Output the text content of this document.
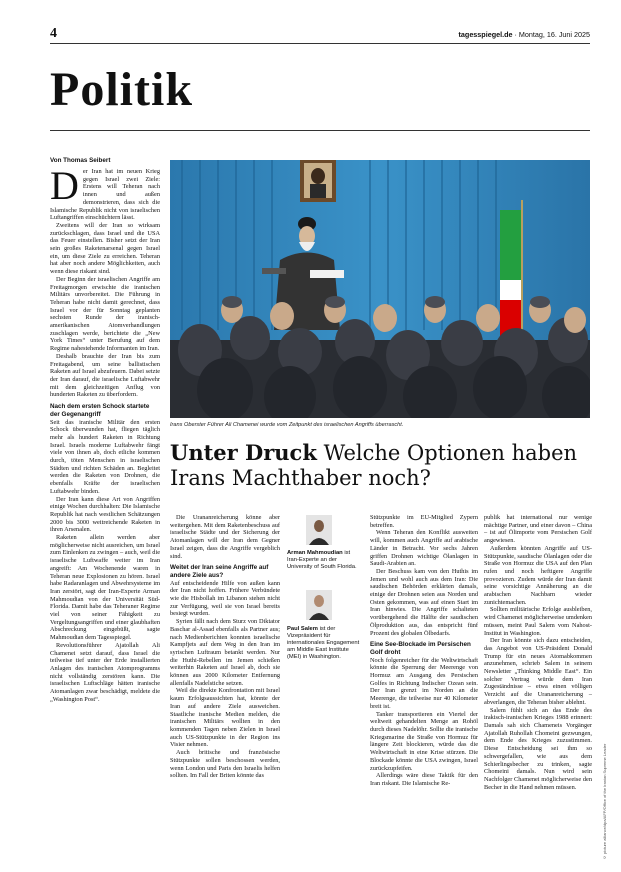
4	tagesspiegel.de · Montag, 16. Juni 2025
Politik
Von Thomas Seibert

Der Iran hat im neuen Krieg gegen Israel zwei Ziele: Erstens will Teheran nach innen und außen demonstrieren, dass sich die Islamische Republik nicht von israelischen Luftangriffen einschüchtern lässt.

Zweitens will der Iran so wirksam zurückschlagen, dass Israel und die USA das Feuer einstellen. Bisher setzt der Iran sein großes Raketenarsenal gegen Israel ein, um diese Ziele zu erreichen. Teheran hat aber noch andere Möglichkeiten, auch wenn diese riskant sind.

Der Beginn der israelischen Angriffe am Freitagmorgen erwischte die iranischen Militärs unvorbereitet. Die Führung in Teheran habe nicht damit gerechnet, dass Israel vor der für Sonntag geplanten sechsten Runde der iranisch-amerikanischen Atomverhandlungen zuschlagen werde, berichtete die „New York Times“ unter Berufung auf dem Regime nahestehende Informanten im Iran.

Deshalb brauchte der Iran bis zum Freitagabend, um seine ballistischen Raketen auf Israel abzufeuern. Dabei setzte der Iran darauf, die israelische Luftabwehr mit dem gleichzeitigen Anflug von hunderten Raketen zu überfordern.

Nach dem ersten Schock startete der Gegenangriff

Seit das iranische Militär den ersten Schock überwunden hat, fliegen täglich mehr als hundert Raketen in Richtung Israel. Israels moderne Luftabwehr fängt viele von ihnen ab, doch etliche kommen durch, töten Menschen in israelischen Städten und richten Schäden an. Begleitet werden die Raketen von Drohnen, die ebenfalls Kräfte der israelischen Luftabwehr binden.

Der Iran kann diese Art von Angriffen einige Wochen durchhalten: Die Islamische Republik hat nach westlichen Schätzungen 2000 bis 3000 weitreichende Raketen in ihren Arsenalen.

Raketen allein werden aber möglicherweise nicht ausreichen, um Israel zum Einlenken zu zwingen – auch, weil die israelische Luftwaffe weiter im Iran angreift: Am Wochenende waren in Teheran neue Explosionen zu hören. Israel habe Radaranlagen und Abwehrsysteme im Iran zerstört, sagt der Iran-Experte Arman Mahmoudian von der Universität Süd-Florida. Damit habe das Teheraner Regime viel von seiner Fähigkeit zu Vergeltungsangriffen und einer glaubhaften Abschreckung eingebüßt, sagte Mahmoudian dem Tagesspiegel.

Revolutionsführer Ajatollah Ali Chamenei setzt darauf, dass Israel die teilweise tief unter der Erde installierten Anlagen des iranischen Atomprogramms nicht vollständig zerstören kann. Die israelischen Luftschläge hätten iranische Atomanlagen zwar beschädigt, meldete die „Washington Post“.

Irans Oberster Führer Ali Chamenei wurde vom Zeitpunkt des israelischen Angriffs überrascht.
Unter Druck Welche Optionen haben Irans Machthaber noch?

Die Urananreicherung könne aber weitergehen. Mit dem Raketenbeschuss auf israelische Städte und der Sicherung der Atomanlagen will der Iran dem Gegner Israel zeigen, dass die Angriffe vergeblich sind.

Weitet der Iran seine Angriffe auf andere Ziele aus?

Auf entscheidende Hilfe von außen kann der Iran nicht hoffen. Frühere Verbündete wie die Hisbollah im Libanon stehen nicht zur Verfügung, weil sie von Israel bereits besiegt wurden.

Syrien fällt nach dem Sturz von Diktator Baschar al-Assad ebenfalls als Partner aus; nach Medienberichten konnten israelische Kampfjets auf dem Weg in den Iran im syrischen Luftraum betankt werden. Nur die Huthi-Rebellen im Jemen schießen weiterhin Raketen auf Israel ab, doch sie können aus 2000 Kilometer Entfernung allenfalls Nadelstiche setzen.

Weil die direkte Konfrontation mit Israel kaum Erfolgsaussichten hat, könnte der Iran auf andere Ziele ausweichen. Staatliche iranische Medien melden, die iranischen Militärs wollten in den kommenden Tagen neben Zielen in Israel auch US-Stützpunkte in der Region ins Visier nehmen.

Auch britische und französische Stützpunkte sollen beschossen werden, wenn London und Paris den Israelis helfen sollten. Im Fall der Briten könnte das

Arman Mahmoudian ist Iran-Experte an der University of South Florida.
Paul Salem ist der Vizepräsident für internationales Engagement am Middle East Institute (MEI) in Washington.

Stützpunkte im EU-Mitglied Zypern betreffen.

Wenn Teheran den Konflikt ausweiten will, kommen auch Angriffe auf arabische Länder in Betracht. Vor sechs Jahren griffen Drohnen wichtige Ölanlagen in Saudi-Arabien an.

Der Beschuss kam von den Huthis im Jemen und wohl auch aus dem Iran: Die saudischen Behörden erklärten damals, einige der Drohnen seien aus Norden und Osten gekommen, was auf einen Start im Iran hinwies. Die Angriffe schalteten vorübergehend die Hälfte der saudischen Ölproduktion aus, das entspricht fünf Prozent des globalen Ölbedarfs.

Eine See-Blockade im Persischen Golf droht

Noch folgenreicher für die Weltwirtschaft könnte die Sperrung der Meerenge von Hormuz am Ausgang des Persischen Golfes in Richtung Indischer Ozean sein. Der Iran grenzt im Norden an die Meerenge, die teilweise nur 40 Kilometer breit ist.

Tanker transportieren ein Viertel der weltweit gehandelten Menge an Rohöl durch dieses Nadelöhr. Sollte die iranische Kriegsmarine die Straße von Hormuz für längere Zeit blockieren, würde das die Weltwirtschaft in eine Krise stürzen. Die Blockade könnte die USA zwingen, Israel zurückzupfeifen.

Allerdings wäre diese Taktik für den Iran riskant. Die Islamische Re-

publik hat international nur wenige mächtige Partner, und einer davon – China – ist auf Ölimporte vom Persischen Golf angewiesen.

Außerdem könnten Angriffe auf US-Stützpunkte, saudische Ölanlagen oder die Straße von Hormuz die USA auf den Plan rufen und noch heftigere Angriffe provozieren. Zudem würde der Iran damit seine vorsichtige Annäherung an die arabischen Nachbarn wieder zunichtemachen.

Sollten militärische Erfolge ausbleiben, wird Chamenei möglicherweise umdenken müssen, meint Paul Salem vom Nahost-Institut in Washington.

Der Iran könnte sich dazu entscheiden, das Angebot von US-Präsident Donald Trump für ein neues Atomabkommen anzunehmen, schrieb Salem in seinem Newsletter „Thinking Middle East“. Ein solcher Vertrag würde dem Iran Zugeständnisse – etwa einen völligen Verzicht auf die Urananreicherung – abverlangen, die Teheran bisher ablehnt.

Salem fühlt sich an das Ende des irakisch-iranischen Krieges 1988 erinnert: Damals sah sich Chameneis Vorgänger Ajatollah Ruhollah Chomeini gezwungen, dem Ende des Krieges zuzustimmen. Diese Entscheidung sei ihm so schwergefallen, wie aus dem Schierlingsbecher zu trinken, sagte Chomeini damals. Nun wird sein Nachfolger Chamenei möglicherweise den Becher in die Hand nehmen müssen.	© picture alliance/dpa/AFP/Office of the Iranian Supreme Leader
